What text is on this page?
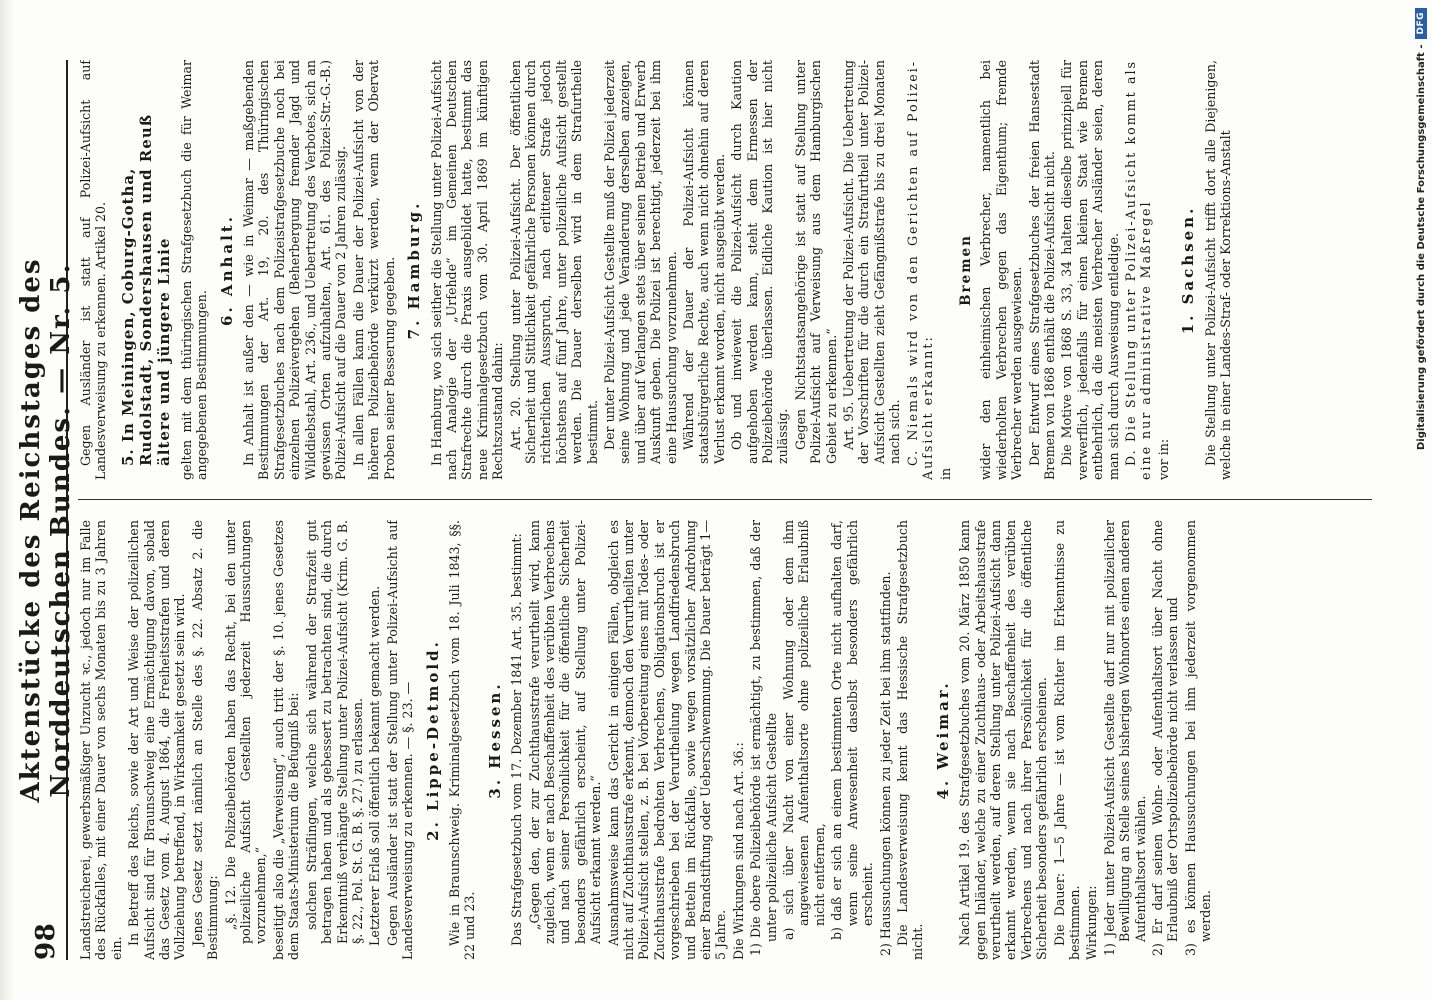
98
Aktenstücke des Reichstages des Norddeutschen Bundes. — Nr. 5.

Landstreicherei, gewerbsmäßiger Unzucht ꝛc., jedoch nur im Falle des Rückfalles, mit einer Dauer von sechs Monaten bis zu 3 Jahren ein.

In Betreff des Reichs, sowie der Art und Weise der polizeilichen Aufsicht sind für Braunschweig eine Ermächtigung davon, sobald das Gesetz vom 4. August 1864, die Freiheitsstrafen und deren Vollziehung betreffend, in Wirksamkeit gesetzt sein wird. Jenes Gesetz setzt nämlich an Stelle des §. 22. Absatz 2. die Bestimmung: „§. 12. Die Polizeibehörden haben das Recht, bei den unter polizeiliche Aufsicht Gestellten jederzeit Haussuchungen vorzunehmen,“ beseitigt also die „Verweisung“, auch tritt der §. 10. jenes Gesetzes dem Staats-Ministerium die Befugniß bei: solchen Sträflingen, welche sich während der Strafzeit gut betragen haben und als gebessert zu betrachten sind, die durch Erkenntniß verhängte Stellung unter Polizei-Aufsicht (Krim. G. B. §. 22., Pol. St. G. B. §. 27.) zu erlassen. Letzterer Erlaß soll öffentlich bekannt gemacht werden. Gegen Ausländer ist statt der Stellung unter Polizei-Aufsicht auf Landesverweisung zu erkennen. — §. 23. — 2. Lippe-Detmold. Wie in Braunschweig. Kriminalgesetzbuch vom 18. Juli 1843, §§. 22 und 23.

3. Hessen. Das Strafgesetzbuch vom 17. Dezember 1841 Art. 35. bestimmt: „Gegen den, der zur Zuchthausstrafe verurtheilt wird, kann zugleich, wenn er nach Beschaffenheit des verübten Verbrechens und nach seiner Persönlichkeit für die öffentliche Sicherheit besonders gefährlich erscheint, auf Stellung unter Polizei-Aufsicht erkannt werden.“ Ausnahmsweise kann das Gericht in einigen Fällen, obgleich es nicht auf Zuchthausstrafe erkennt, dennoch den Verurtheilten unter Polizei-Aufsicht stellen, z. B. bei Vorbereitung eines mit Todes- oder Zuchthausstrafe bedrohten Verbrechens, Obligationsbruch ist er vorgeschrieben bei der Verurtheilung wegen Landfriedensbruch und Betteln im Rückfalle, sowie wegen vorsätzlicher Androhung einer Brandstiftung oder Ueberschwemmung. Die Dauer beträgt 1—5 Jahre. Die Wirkungen sind nach Art. 36.: 1) Die obere Polizeibehörde ist ermächtigt, zu bestimmen, daß der unter polizeiliche Aufsicht Gestellte a) sich über Nacht von einer Wohnung oder dem ihm angewiesenen Aufenthaltsorte ohne polizeiliche Erlaubniß nicht entfernen, b) daß er sich an einem bestimmten Orte nicht aufhalten darf, wenn seine Anwesenheit daselbst besonders gefährlich erscheint. 2) Haussuchungen können zu jeder Zeit bei ihm stattfinden. Die Landesverweisung kennt das Hessische Strafgesetzbuch nicht.

4. Weimar. Nach Artikel 19. des Strafgesetzbuches vom 20. März 1850 kann gegen Inländer, welche zu einer Zuchthaus- oder Arbeitshausstrafe verurtheilt werden, auf deren Stellung unter Polizei-Aufsicht dann erkannt werden, wenn sie nach Beschaffenheit des verübten Verbrechens und nach ihrer Persönlichkeit für die öffentliche Sicherheit besonders gefährlich erscheinen. Die Dauer: 1—5 Jahre — ist vom Richter im Erkenntnisse zu bestimmen. Wirkungen: 1) Jeder unter Polizei-Aufsicht Gestellte darf nur mit polizeilicher Bewilligung an Stelle seines bisherigen Wohnortes einen anderen Aufenthaltsort wählen. 2) Er darf seinen Wohn- oder Aufenthaltsort über Nacht ohne Erlaubniß der Ortspolizeibehörde nicht verlassen und 3) es können Haussuchungen bei ihm jederzeit vorgenommen werden.

Gegen Ausländer ist statt auf Polizei-Aufsicht auf Landesverweisung zu erkennen. Artikel 20. 5. In Meiningen, Coburg-Gotha, Rudolstadt, Sondershausen und Reuß ältere und jüngere Linie gelten mit dem thüringischen Strafgesetzbuch die für Weimar angegebenen Bestimmungen.

6. Anhalt. In Anhalt ist außer den — wie in Weimar — maßgebenden Bestimmungen der Art. 19, 20. des Thüringischen Strafgesetzbuches nach dem Polizeistrafgesetzbuche noch bei einzelnen Polizeivergehen (Beherbergung fremder Jagd und Wilddiebstahl, Art. 236., und Uebertretung des Verbotes, sich an gewissen Orten aufzuhalten, Art. 61. des Polizei-Str.-G.-B.) Polizei-Aufsicht auf die Dauer von 2 Jahren zulässig. In allen Fällen kann die Dauer der Polizei-Aufsicht von der höheren Polizeibehörde verkürzt werden, wenn der Obervat Proben seiner Besserung gegeben. 7. Hamburg. In Hamburg, wo sich seither die Stellung unter Polizei-Aufsicht nach Analogie der „Urfehde“ im Gemeinen Deutschen Strafrechte durch die Praxis ausgebildet hatte, bestimmt das neue Kriminalgesetzbuch vom 30. April 1869 im künftigen Rechtszustand dahin: Art. 20. Stellung unter Polizei-Aufsicht. Der öffentlichen Sicherheit und Sittlichkeit gefährliche Personen können durch richterlichen Ausspruch, nach erlittener Strafe jedoch höchstens auf fünf Jahre, unter polizeiliche Aufsicht gestellt werden. Die Dauer derselben wird in dem Strafurtheile bestimmt. Der unter Polizei-Aufsicht Gestellte muß der Polizei jederzeit seine Wohnung und jede Veränderung derselben anzeigen, und über auf Verlangen stets über seinen Betrieb und Erwerb Auskunft geben. Die Polizei ist berechtigt, jederzeit bei ihm eine Haussuchung vorzunehmen. Während der Dauer der Polizei-Aufsicht können staatsbürgerliche Rechte, auch wenn nicht ohnehin auf deren Verlust erkannt worden, nicht ausgeübt werden. Ob und inwieweit die Polizei-Aufsicht durch Kaution aufgehoben werden kann, steht dem Ermessen der Polizeibehörde überlassen. Eidliche Kaution ist hier nicht zulässig. Gegen Nichtstaatsangehörige ist statt auf Stellung unter Polizei-Aufsicht auf Verweisung aus dem Hamburgischen Gebiet zu erkennen.“ Art. 95. Uebertretung der Polizei-Aufsicht. Die Uebertretung der Vorschriften für die durch ein Strafurtheil unter Polizei-Aufsicht Gestellten zieht Gefängnißstrafe bis zu drei Monaten nach sich. C. Niemals wird von den Gerichten auf Polizei-Aufsicht erkannt: in

Bremen wider den einheimischen Verbrecher, namentlich bei wiederholten Verbrechen gegen das Eigenthum; fremde Verbrecher werden ausgewiesen. Der Entwurf eines Strafgesetzbuches der freien Hansestadt Bremen von 1868 enthält die Polizei-Aufsicht nicht. Die Motive von 1868 S. 33, 34 halten dieselbe prinzipiell für verwerflich, jedenfalls für einen kleinen Staat wie Bremen entbehrlich, da die meisten Verbrecher Ausländer seien, deren man sich durch Ausweisung entledige. D. Die Stellung unter Polizei-Aufsicht kommt als eine nur administrative Maßregel vor in:

1. Sachsen. Die Stellung unter Polizei-Aufsicht trifft dort alle Diejenigen, welche in einer Landes-Straf- oder Korrektions-Anstalt	Digitalisierung gefördert durch die Deutsche Forschungsgemeinschaft -
DFG
